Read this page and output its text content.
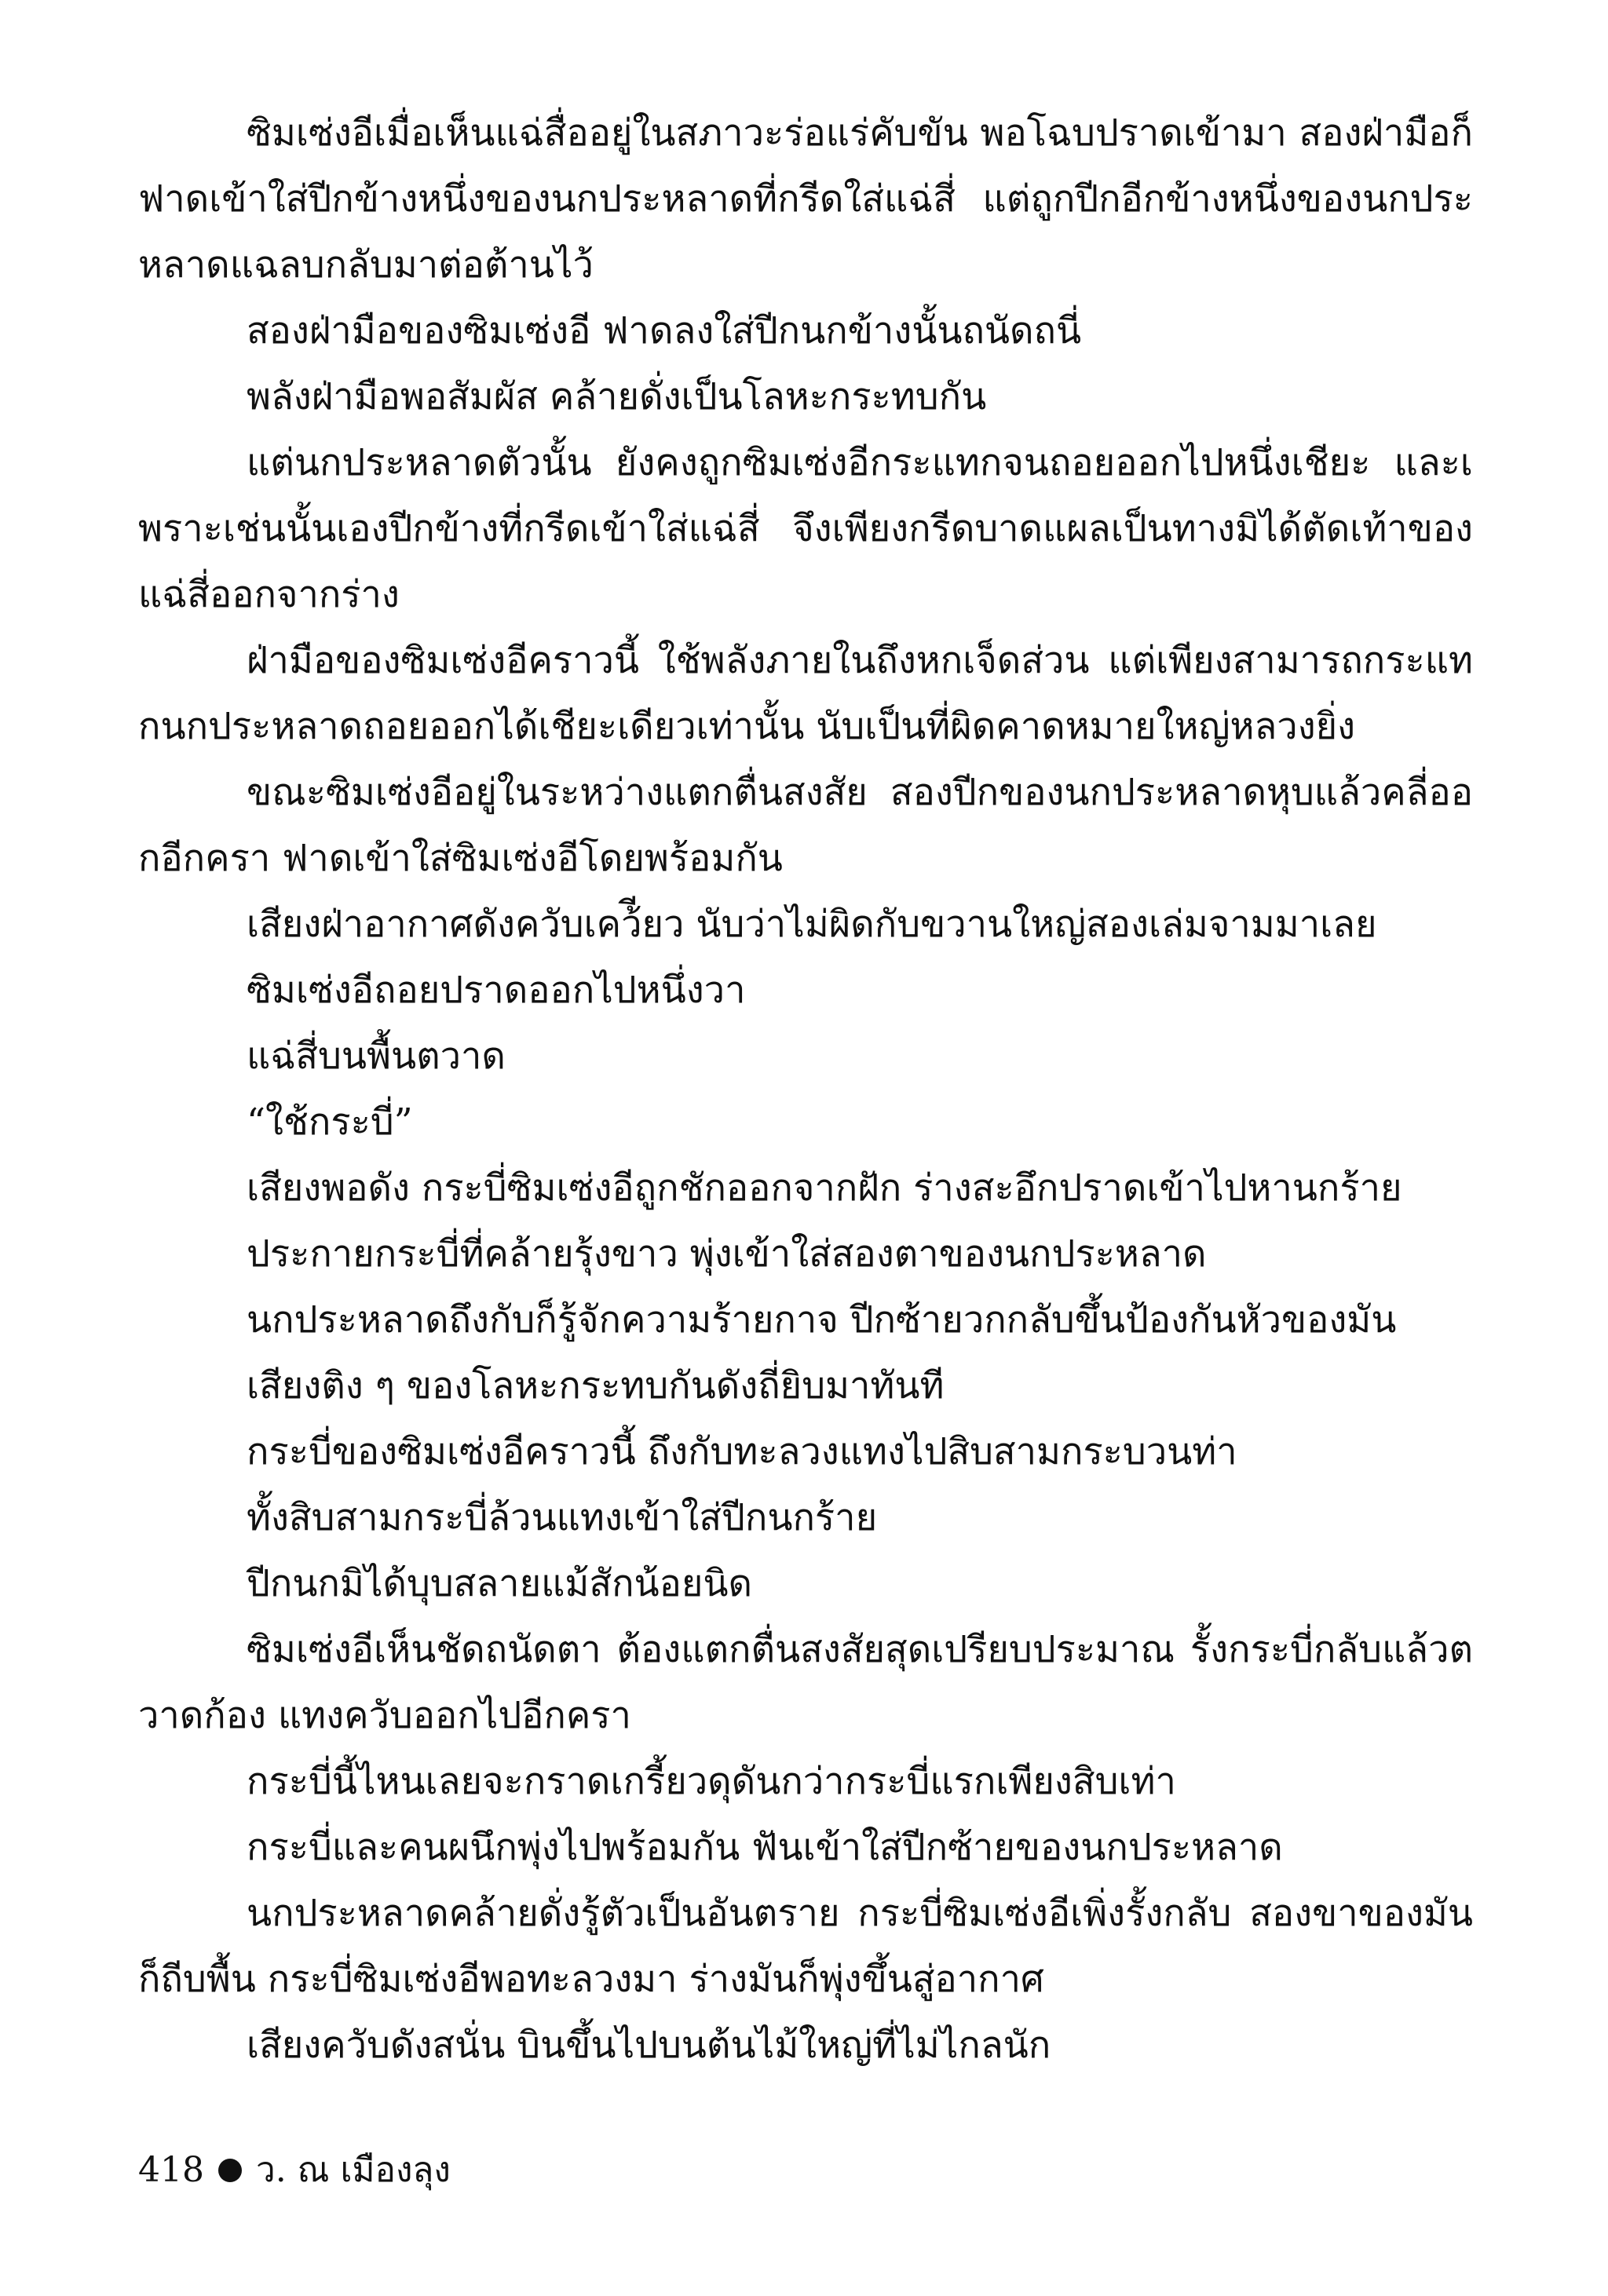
ซิมเซ่งอีเมื่อเห็นแฉ่สื่ออยู่ในสภาวะร่อแร่คับขัน พอโฉบปราดเข้ามา สองฝ่ามือก็ฟาดเข้าใส่ปีกข้างหนึ่งของนกประหลาดที่กรีดใส่แฉ่สี่ แต่ถูกปีกอีกข้างหนึ่งของนกประหลาดแฉลบกลับมาต่อต้านไว้

สองฝ่ามือของซิมเซ่งอี ฟาดลงใส่ปีกนกข้างนั้นถนัดถนี่

พลังฝ่ามือพอสัมผัส คล้ายดั่งเป็นโลหะกระทบกัน

แต่นกประหลาดตัวนั้น ยังคงถูกซิมเซ่งอีกระแทกจนถอยออกไปหนึ่งเชียะ และเพราะเช่นนั้นเองปีกข้างที่กรีดเข้าใส่แฉ่สี่ จึงเพียงกรีดบาดแผลเป็นทางมิได้ตัดเท้าของแฉ่สี่ออกจากร่าง

ฝ่ามือของซิมเซ่งอีคราวนี้ ใช้พลังภายในถึงหกเจ็ดส่วน แต่เพียงสามารถกระแทกนกประหลาดถอยออกได้เชียะเดียวเท่านั้น นับเป็นที่ผิดคาดหมายใหญ่หลวงยิ่ง

ขณะซิมเซ่งอีอยู่ในระหว่างแตกตื่นสงสัย สองปีกของนกประหลาดหุบแล้วคลี่ออกอีกครา ฟาดเข้าใส่ซิมเซ่งอีโดยพร้อมกัน

เสียงฝ่าอากาศดังควับเคว้ียว นับว่าไม่ผิดกับขวานใหญ่สองเล่มจามมาเลย

ซิมเซ่งอีถอยปราดออกไปหนึ่งวา

แฉ่สี่บนพื้นตวาด

“ใช้กระบี่”

เสียงพอดัง กระบี่ซิมเซ่งอีถูกชักออกจากฝัก ร่างสะอึกปราดเข้าไปหานกร้าย

ประกายกระบี่ที่คล้ายรุ้งขาว พุ่งเข้าใส่สองตาของนกประหลาด

นกประหลาดถึงกับก็รู้จักความร้ายกาจ ปีกซ้ายวกกลับขึ้นป้องกันหัวของมัน

เสียงติง ๆ ของโลหะกระทบกันดังถี่ยิบมาทันที

กระบี่ของซิมเซ่งอีคราวนี้ ถึงกับทะลวงแทงไปสิบสามกระบวนท่า

ทั้งสิบสามกระบี่ล้วนแทงเข้าใส่ปีกนกร้าย

ปีกนกมิได้บุบสลายแม้สักน้อยนิด

ซิมเซ่งอีเห็นชัดถนัดตา ต้องแตกตื่นสงสัยสุดเปรียบประมาณ รั้งกระบี่กลับแล้วตวาดก้อง แทงควับออกไปอีกครา

กระบี่นี้ไหนเลยจะกราดเกรี้ยวดุดันกว่ากระบี่แรกเพียงสิบเท่า

กระบี่และคนผนึกพุ่งไปพร้อมกัน ฟันเข้าใส่ปีกซ้ายของนกประหลาด

นกประหลาดคล้ายดั่งรู้ตัวเป็นอันตราย กระบี่ซิมเซ่งอีเพิ่งรั้งกลับ สองขาของมันก็ถีบพื้น กระบี่ซิมเซ่งอีพอทะลวงมา ร่างมันก็พุ่งขึ้นสู่อากาศ

เสียงควับดังสนั่น บินขึ้นไปบนต้นไม้ใหญ่ที่ไม่ไกลนัก

418 ว. ณ เมืองลุง
